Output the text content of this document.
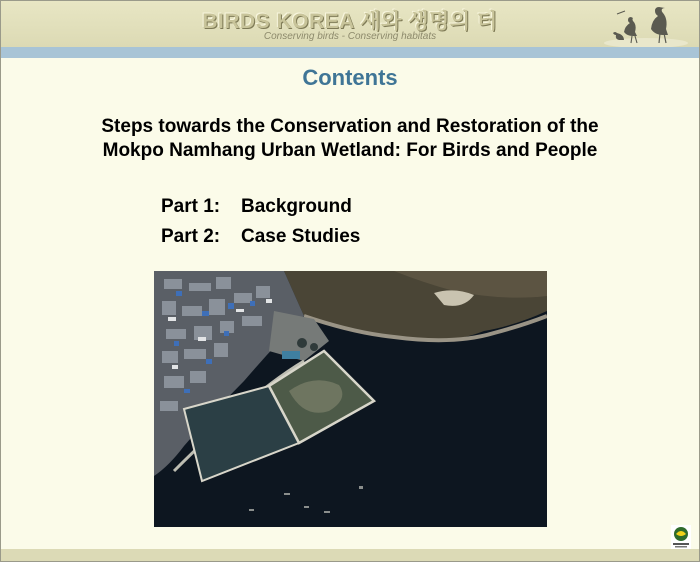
BIRDS KOREA 새와 생명의 터
Conserving birds - Conserving habitats
Contents
Steps towards the Conservation and Restoration of the
Mokpo Namhang Urban Wetland: For Birds and People
Part 1: Background
Part 2: Case Studies
